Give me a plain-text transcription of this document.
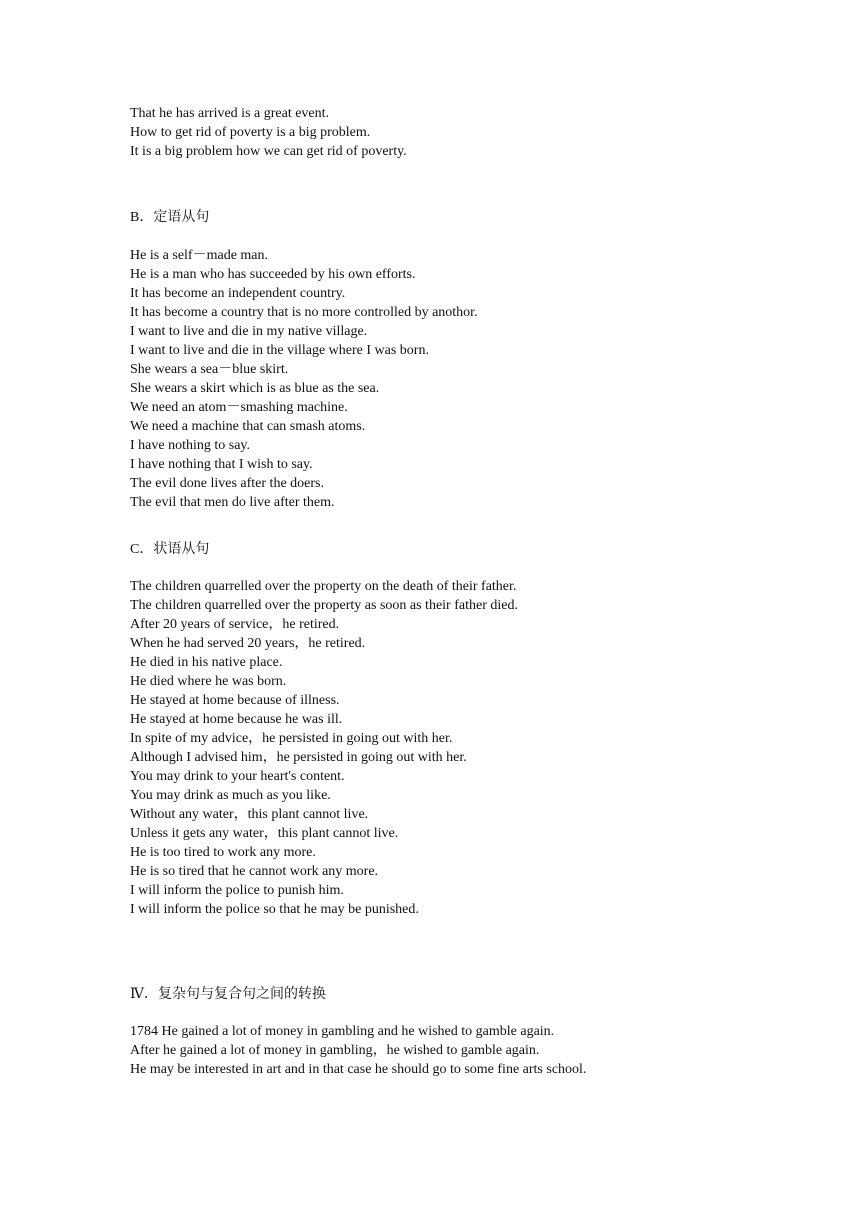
That he has arrived is a great event.
How to get rid of poverty is a big problem.
It is a big problem how we can get rid of poverty.
B．定语从句
He is a self－made man.
He is a man who has succeeded by his own efforts.
It has become an independent country.
It has become a country that is no more controlled by anothor.
I want to live and die in my native village.
I want to live and die in the village where I was born.
She wears a sea－blue skirt.
She wears a skirt which is as blue as the sea.
We need an atom－smashing machine.
We need a machine that can smash atoms.
I have nothing to say.
I have nothing that I wish to say.
The evil done lives after the doers.
The evil that men do live after them.
C．状语从句
The children quarrelled over the property on the death of their father.
The children quarrelled over the property as soon as their father died.
After 20 years of service，he retired.
When he had served 20 years，he retired.
He died in his native place.
He died where he was born.
He stayed at home because of illness.
He stayed at home because he was ill.
In spite of my advice，he persisted in going out with her.
Although I advised him，he persisted in going out with her.
You may drink to your heart's content.
You may drink as much as you like.
Without any water，this plant cannot live.
Unless it gets any water，this plant cannot live.
He is too tired to work any more.
He is so tired that he cannot work any more.
I will inform the police to punish him.
I will inform the police so that he may be punished.
Ⅳ．复杂句与复合句之间的转换
1784 He gained a lot of money in gambling and he wished to gamble again.
After he gained a lot of money in gambling，he wished to gamble again.
He may be interested in art and in that case he should go to some fine arts school.
